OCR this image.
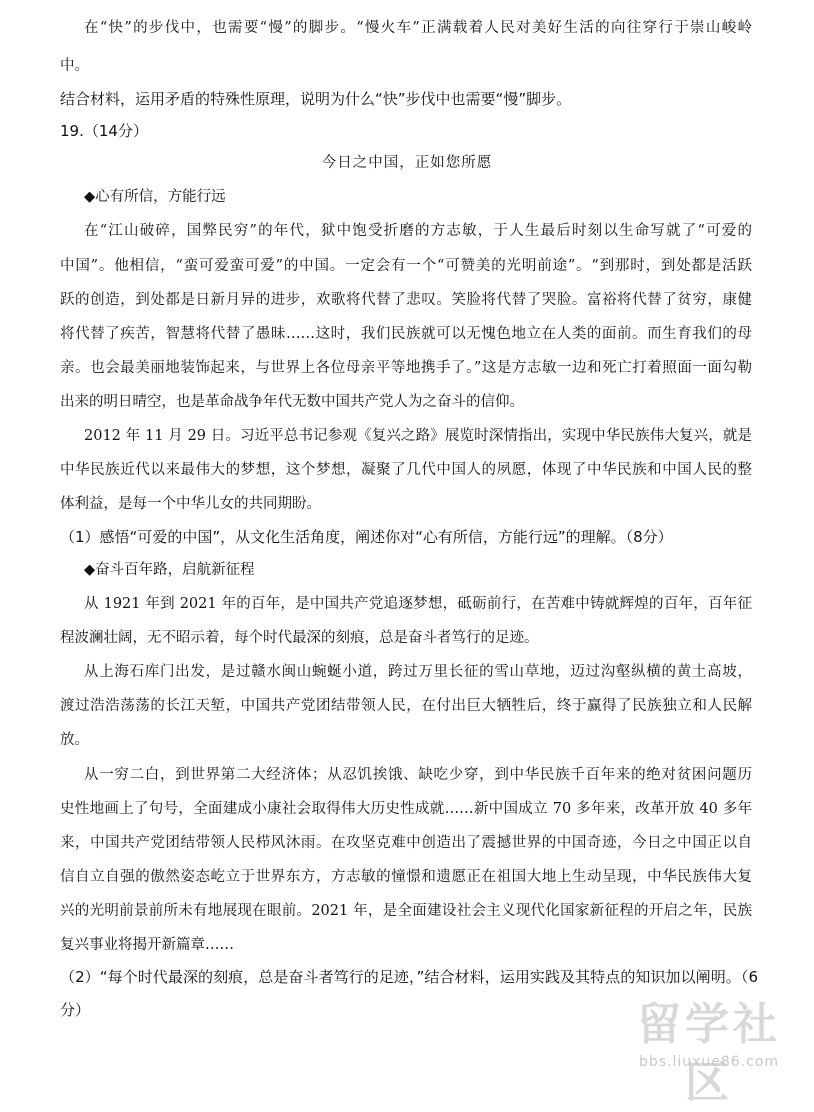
在“快”的步伐中，也需要“慢”的脚步。“慢火车”正满载着人民对美好生活的向往穿行于崇山峻岭
中。
结合材料，运用矛盾的特殊性原理，说明为什么“快”步伐中也需要“慢”脚步。
19.（14分）
今日之中国，正如您所愿
◆心有所信，方能行远
在“江山破碎，国弊民穷”的年代，狱中饱受折磨的方志敏，于人生最后时刻以生命写就了“可爱的
中国”。他相信，“蛮可爱蛮可爱”的中国。一定会有一个“可赞美的光明前途”。“到那时，到处都是活跃
跃的创造，到处都是日新月异的进步，欢歌将代替了悲叹。笑脸将代替了哭脸。富裕将代替了贫穷，康健
将代替了疾苦，智慧将代替了愚昧……这时，我们民族就可以无愧色地立在人类的面前。而生育我们的母
亲。也会最美丽地装饰起来，与世界上各位母亲平等地携手了。”这是方志敏一边和死亡打着照面一面勾勒
出来的明日晴空，也是革命战争年代无数中国共产党人为之奋斗的信仰。
2012 年 11 月 29 日。习近平总书记参观《复兴之路》展览时深情指出，实现中华民族伟大复兴，就是
中华民族近代以来最伟大的梦想，这个梦想，凝聚了几代中国人的夙愿，体现了中华民族和中国人民的整
体利益，是每一个中华儿女的共同期盼。
（1）感悟“可爱的中国”，从文化生活角度，阐述你对“心有所信，方能行远”的理解。（8分）
◆奋斗百年路，启航新征程
从 1921 年到 2021 年的百年，是中国共产党追逐梦想，砥砺前行，在苦难中铸就辉煌的百年，百年征
程波澜壮阔，无不昭示着，每个时代最深的刻痕，总是奋斗者笃行的足迹。
从上海石库门出发，是过赣水闽山蜿蜒小道，跨过万里长征的雪山草地，迈过沟壑纵横的黄土高坡，
渡过浩浩荡荡的长江天堑，中国共产党团结带领人民，在付出巨大牺牲后，终于赢得了民族独立和人民解
放。
从一穷二白，到世界第二大经济体；从忍饥挨饿、缺吃少穿，到中华民族千百年来的绝对贫困问题历
史性地画上了句号，全面建成小康社会取得伟大历史性成就……新中国成立 70 多年来，改革开放 40 多年
来，中国共产党团结带领人民栉风沐雨。在攻坚克难中创造出了震撼世界的中国奇迹，今日之中国正以自
信自立自强的傲然姿态屹立于世界东方，方志敏的憧憬和遗愿正在祖国大地上生动呈现，中华民族伟大复
兴的光明前景前所未有地展现在眼前。2021 年，是全面建设社会主义现代化国家新征程的开启之年，民族
复兴事业将揭开新篇章……
（2）“每个时代最深的刻痕，总是奋斗者笃行的足迹，”结合材料，运用实践及其特点的知识加以阐明。（6
分）	留学社区
bbs.liuxue86.com
